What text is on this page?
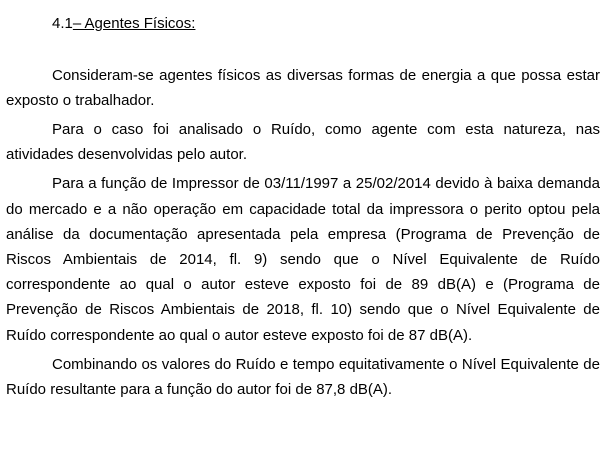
4.1– Agentes Físicos:

Consideram-se agentes físicos as diversas formas de energia a que possa estar exposto o trabalhador.

Para o caso foi analisado o Ruído, como agente com esta natureza, nas atividades desenvolvidas pelo autor.

Para a função de Impressor de 03/11/1997 a 25/02/2014 devido à baixa demanda do mercado e a não operação em capacidade total da impressora o perito optou pela análise da documentação apresentada pela empresa (Programa de Prevenção de Riscos Ambientais de 2014, fl. 9) sendo que o Nível Equivalente de Ruído correspondente ao qual o autor esteve exposto foi de 89 dB(A) e (Programa de Prevenção de Riscos Ambientais de 2018, fl. 10) sendo que o Nível Equivalente de Ruído correspondente ao qual o autor esteve exposto foi de 87 dB(A).

Combinando os valores do Ruído e tempo equitativamente o Nível Equivalente de Ruído resultante para a função do autor foi de 87,8 dB(A).
